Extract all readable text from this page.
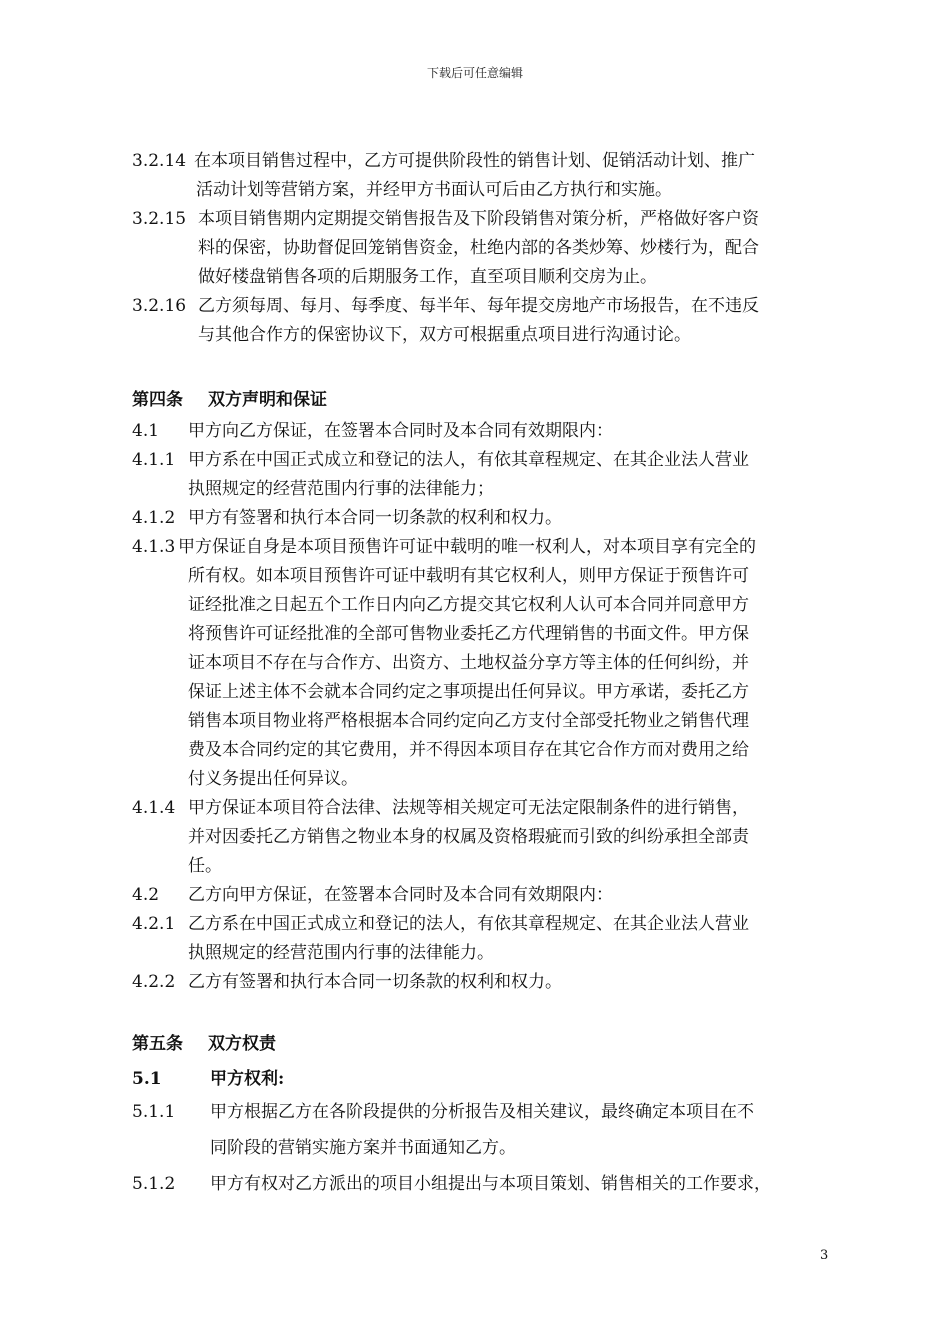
下载后可任意编辑
3.2.14 在本项目销售过程中，乙方可提供阶段性的销售计划、促销活动计划、推广
活动计划等营销方案，并经甲方书面认可后由乙方执行和实施。
3.2.15 本项目销售期内定期提交销售报告及下阶段销售对策分析，严格做好客户资
料的保密，协助督促回笼销售资金，杜绝内部的各类炒筹、炒楼行为，配合
做好楼盘销售各项的后期服务工作，直至项目顺利交房为止。
3.2.16 乙方须每周、每月、每季度、每半年、每年提交房地产市场报告，在不违反
与其他合作方的保密协议下，双方可根据重点项目进行沟通讨论。
第四条 双方声明和保证
4.1 甲方向乙方保证，在签署本合同时及本合同有效期限内：
4.1.1 甲方系在中国正式成立和登记的法人，有依其章程规定、在其企业法人营业
执照规定的经营范围内行事的法律能力；
4.1.2 甲方有签署和执行本合同一切条款的权利和权力。
4.1.3 甲方保证自身是本项目预售许可证中载明的唯一权利人，对本项目享有完全的
所有权。如本项目预售许可证中载明有其它权利人，则甲方保证于预售许可
证经批准之日起五个工作日内向乙方提交其它权利人认可本合同并同意甲方
将预售许可证经批准的全部可售物业委托乙方代理销售的书面文件。甲方保
证本项目不存在与合作方、出资方、土地权益分享方等主体的任何纠纷，并
保证上述主体不会就本合同约定之事项提出任何异议。甲方承诺，委托乙方
销售本项目物业将严格根据本合同约定向乙方支付全部受托物业之销售代理
费及本合同约定的其它费用，并不得因本项目存在其它合作方而对费用之给
付义务提出任何异议。
4.1.4 甲方保证本项目符合法律、法规等相关规定可无法定限制条件的进行销售，
并对因委托乙方销售之物业本身的权属及资格瑕疵而引致的纠纷承担全部责
任。
4.2 乙方向甲方保证，在签署本合同时及本合同有效期限内：
4.2.1 乙方系在中国正式成立和登记的法人，有依其章程规定、在其企业法人营业
执照规定的经营范围内行事的法律能力。
4.2.2 乙方有签署和执行本合同一切条款的权利和权力。
第五条 双方权责
5.1	甲方权利:
5.1.1 甲方根据乙方在各阶段提供的分析报告及相关建议，最终确定本项目在不
同阶段的营销实施方案并书面通知乙方。
5.1.2 甲方有权对乙方派出的项目小组提出与本项目策划、销售相关的工作要求，
3
